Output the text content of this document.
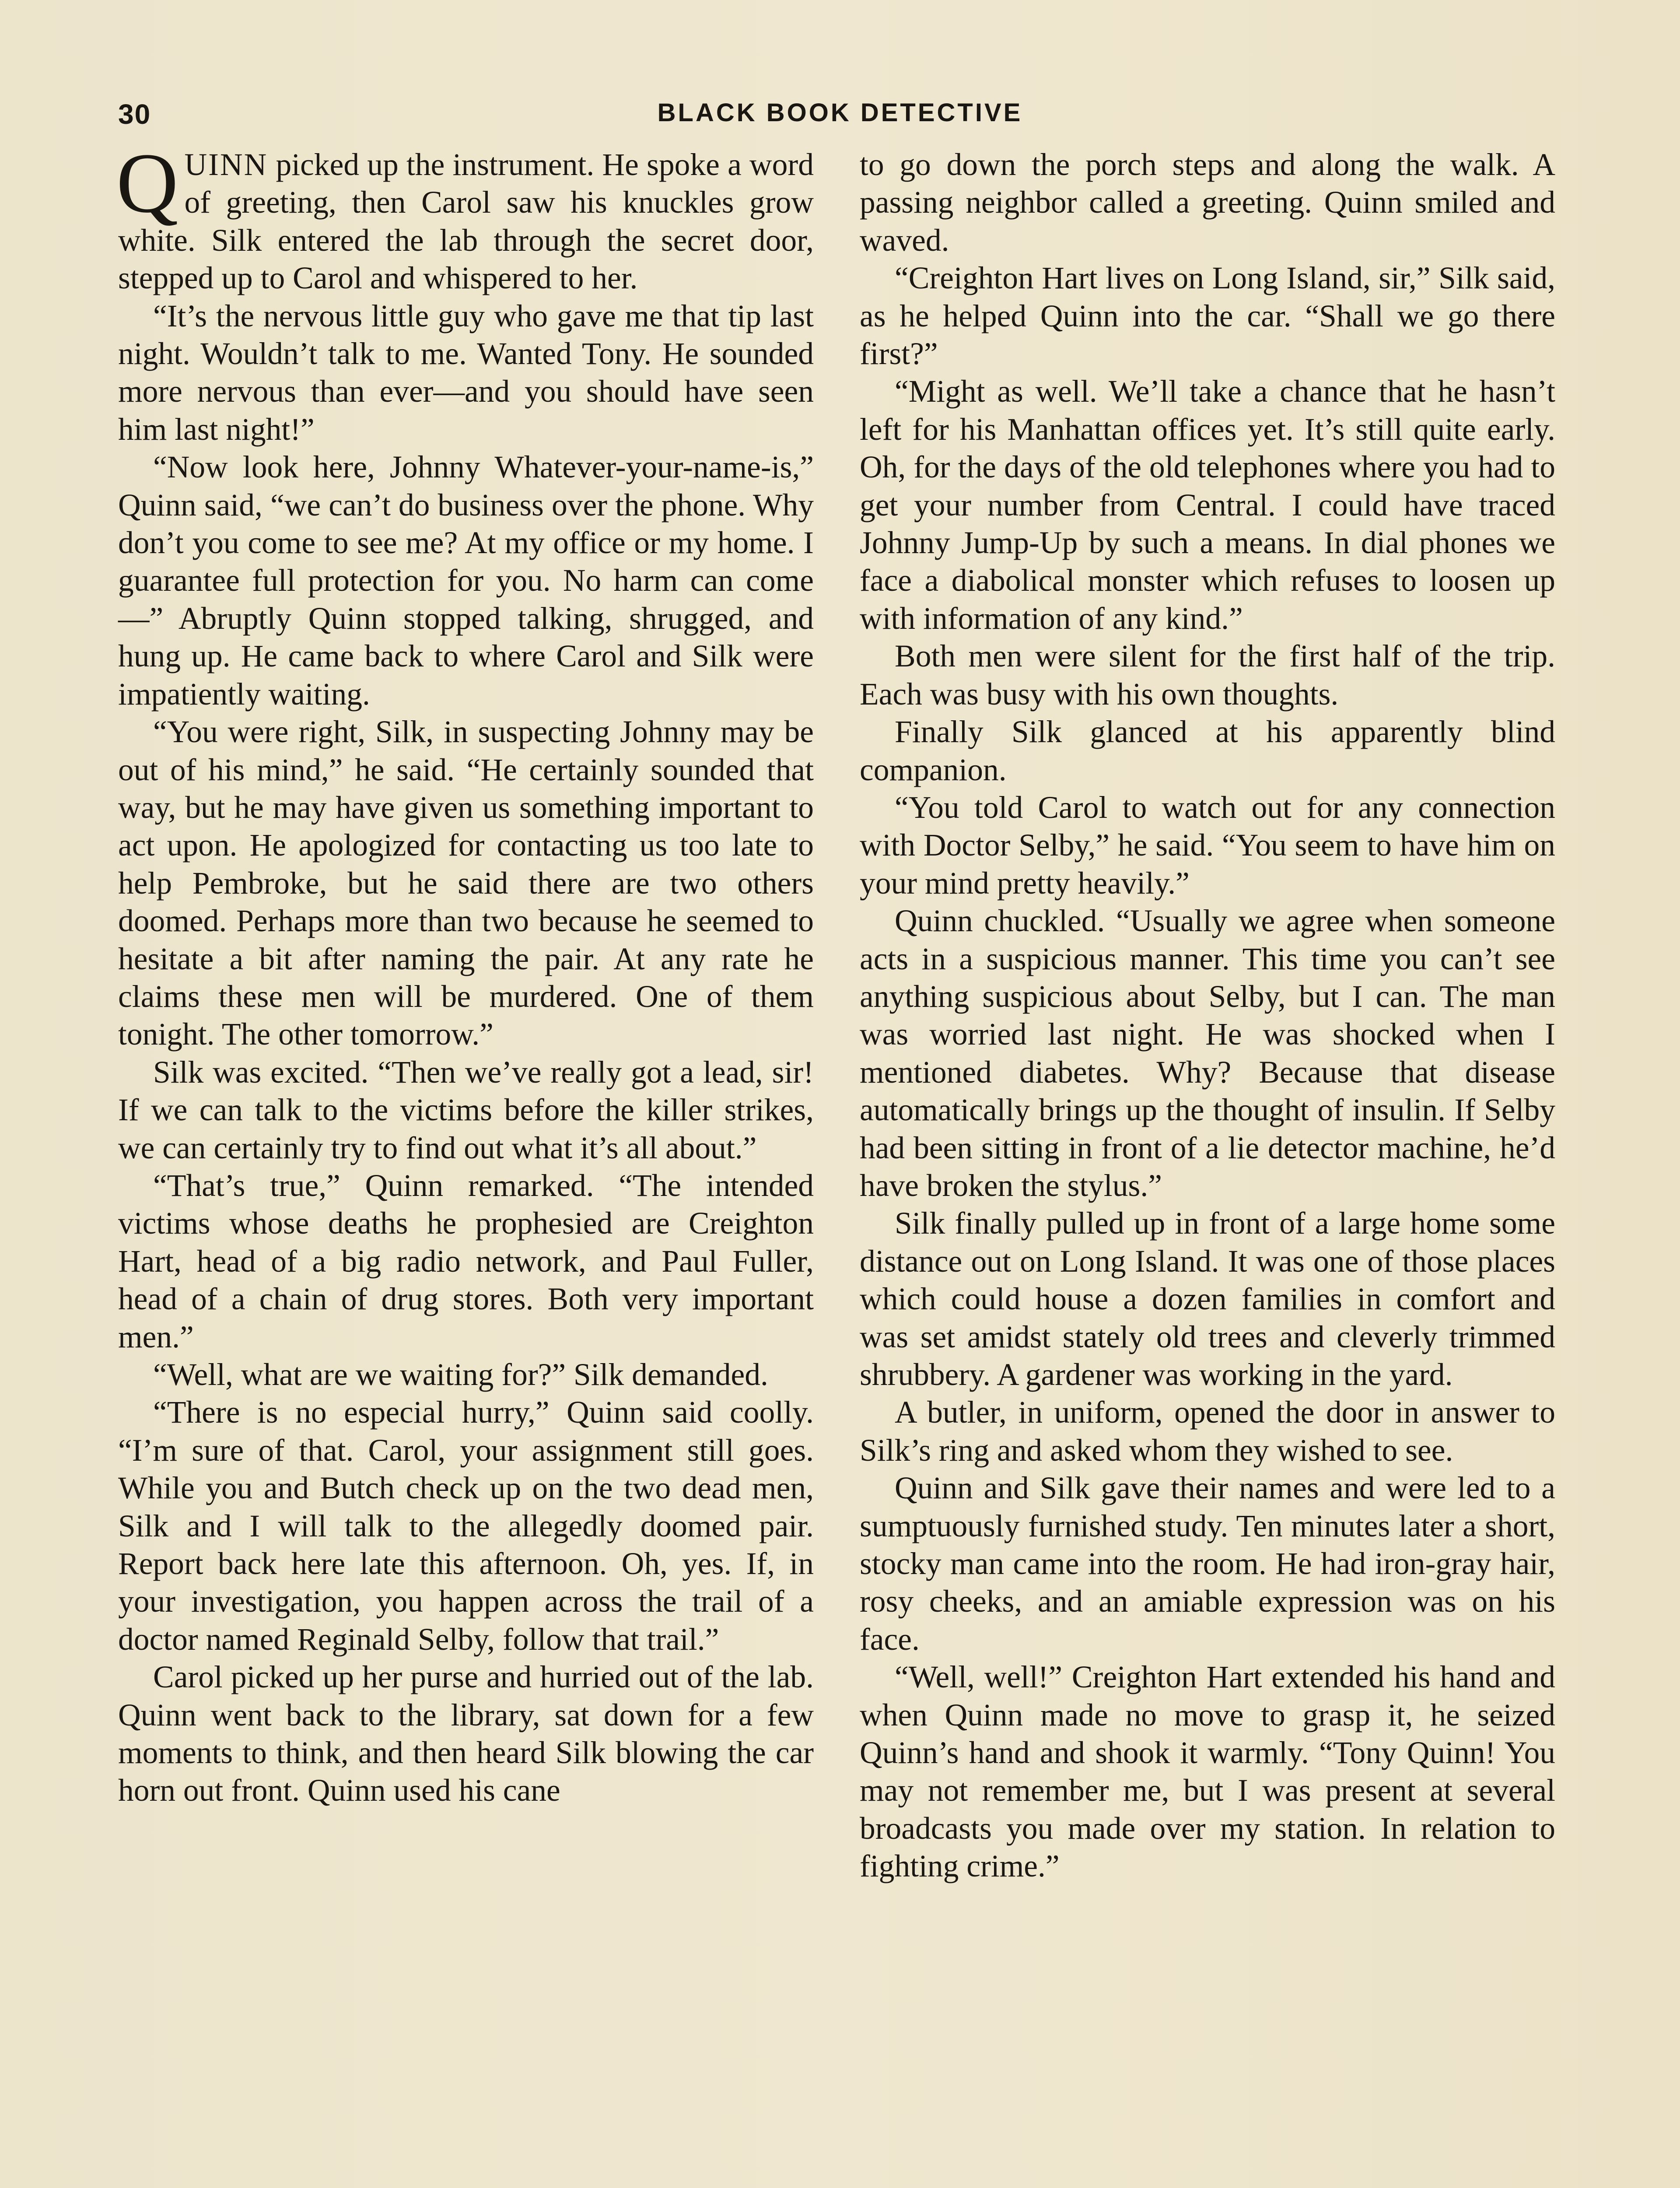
30	BLACK BOOK DETECTIVE

QUINN picked up the instrument. He spoke a word of greeting, then Carol saw his knuckles grow white. Silk entered the lab through the secret door, stepped up to Carol and whispered to her.

“It’s the nervous little guy who gave me that tip last night. Wouldn’t talk to me. Wanted Tony. He sounded more nervous than ever—and you should have seen him last night!”

“Now look here, Johnny Whatever-your-name-is,” Quinn said, “we can’t do business over the phone. Why don’t you come to see me? At my office or my home. I guarantee full protection for you. No harm can come—” Abruptly Quinn stopped talking, shrugged, and hung up. He came back to where Carol and Silk were impatiently waiting.

“You were right, Silk, in suspecting Johnny may be out of his mind,” he said. “He certainly sounded that way, but he may have given us something important to act upon. He apologized for contacting us too late to help Pembroke, but he said there are two others doomed. Perhaps more than two because he seemed to hesitate a bit after naming the pair. At any rate he claims these men will be murdered. One of them tonight. The other tomorrow.”

Silk was excited. “Then we’ve really got a lead, sir! If we can talk to the victims before the killer strikes, we can certainly try to find out what it’s all about.”

“That’s true,” Quinn remarked. “The intended victims whose deaths he prophesied are Creighton Hart, head of a big radio network, and Paul Fuller, head of a chain of drug stores. Both very important men.”

“Well, what are we waiting for?” Silk demanded.

“There is no especial hurry,” Quinn said coolly. “I’m sure of that. Carol, your assignment still goes. While you and Butch check up on the two dead men, Silk and I will talk to the allegedly doomed pair. Report back here late this afternoon. Oh, yes. If, in your investigation, you happen across the trail of a doctor named Reginald Selby, follow that trail.”

Carol picked up her purse and hurried out of the lab. Quinn went back to the library, sat down for a few moments to think, and then heard Silk blowing the car horn out front. Quinn used his cane

to go down the porch steps and along the walk. A passing neighbor called a greeting. Quinn smiled and waved.

“Creighton Hart lives on Long Island, sir,” Silk said, as he helped Quinn into the car. “Shall we go there first?”

“Might as well. We’ll take a chance that he hasn’t left for his Manhattan offices yet. It’s still quite early. Oh, for the days of the old telephones where you had to get your number from Central. I could have traced Johnny Jump-Up by such a means. In dial phones we face a diabolical monster which refuses to loosen up with information of any kind.”

Both men were silent for the first half of the trip. Each was busy with his own thoughts.

Finally Silk glanced at his apparently blind companion.

“You told Carol to watch out for any connection with Doctor Selby,” he said. “You seem to have him on your mind pretty heavily.”

Quinn chuckled. “Usually we agree when someone acts in a suspicious manner. This time you can’t see anything suspicious about Selby, but I can. The man was worried last night. He was shocked when I mentioned diabetes. Why? Because that disease automatically brings up the thought of insulin. If Selby had been sitting in front of a lie detector machine, he’d have broken the stylus.”

Silk finally pulled up in front of a large home some distance out on Long Island. It was one of those places which could house a dozen families in comfort and was set amidst stately old trees and cleverly trimmed shrubbery. A gardener was working in the yard.

A butler, in uniform, opened the door in answer to Silk’s ring and asked whom they wished to see.

Quinn and Silk gave their names and were led to a sumptuously furnished study. Ten minutes later a short, stocky man came into the room. He had iron-gray hair, rosy cheeks, and an amiable expression was on his face.

“Well, well!” Creighton Hart extended his hand and when Quinn made no move to grasp it, he seized Quinn’s hand and shook it warmly. “Tony Quinn! You may not remember me, but I was present at several broadcasts you made over my station. In relation to fighting crime.”
